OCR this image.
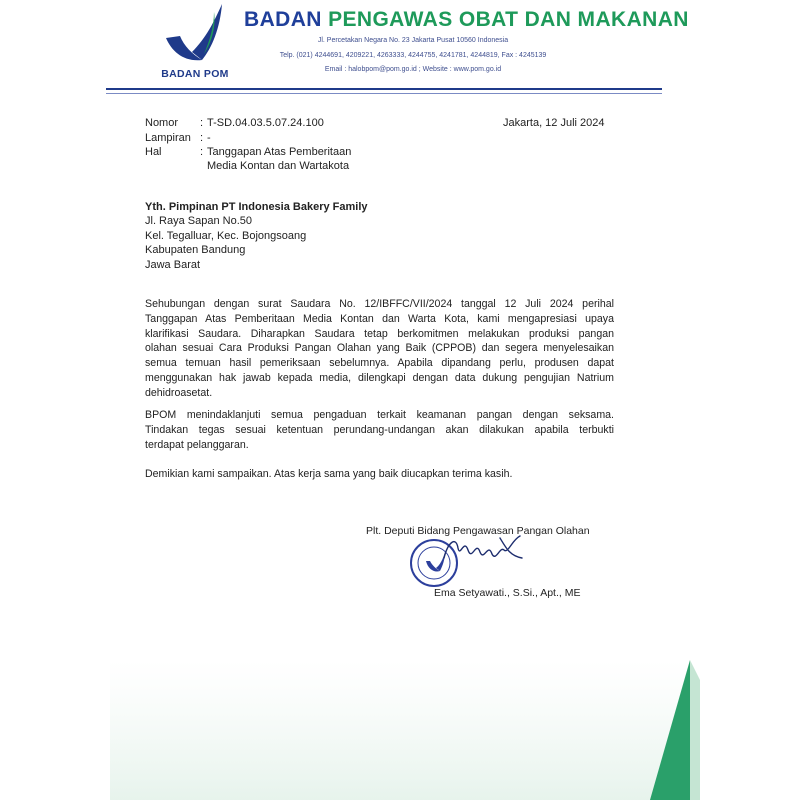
BADAN POM
BADAN PENGAWAS OBAT DAN MAKANAN
Jl. Percetakan Negara No. 23 Jakarta Pusat 10560 Indonesia
Telp. (021) 4244691, 4209221, 4263333, 4244755, 4241781, 4244819, Fax : 4245139
Email : halobpom@pom.go.id ; Website : www.pom.go.id
Nomor : T-SD.04.03.5.07.24.100
Lampiran : -
Hal	: Tanggapan Atas Pemberitaan
Media Kontan dan Wartakota
Jakarta, 12 Juli 2024
Yth. Pimpinan PT Indonesia Bakery Family
Jl. Raya Sapan No.50
Kel. Tegalluar, Kec. Bojongsoang
Kabupaten Bandung
Jawa Barat
Sehubungan dengan surat Saudara No. 12/IBFFC/VII/2024 tanggal 12 Juli 2024 perihal
Tanggapan Atas Pemberitaan Media Kontan dan Warta Kota, kami mengapresiasi upaya
klarifikasi Saudara. Diharapkan Saudara tetap berkomitmen melakukan produksi pangan
olahan sesuai Cara Produksi Pangan Olahan yang Baik (CPPOB) dan segera menyelesaikan
semua temuan hasil pemeriksaan sebelumnya. Apabila dipandang perlu, produsen dapat
menggunakan hak jawab kepada media, dilengkapi dengan data dukung pengujian Natrium
dehidroasetat.
BPOM menindaklanjuti semua pengaduan terkait keamanan pangan dengan seksama.
Tindakan tegas sesuai ketentuan perundang-undangan akan dilakukan apabila terbukti
terdapat pelanggaran.
Demikian kami sampaikan. Atas kerja sama yang baik diucapkan terima kasih.
Plt. Deputi Bidang Pengawasan Pangan Olahan
Ema Setyawati., S.Si., Apt., ME
